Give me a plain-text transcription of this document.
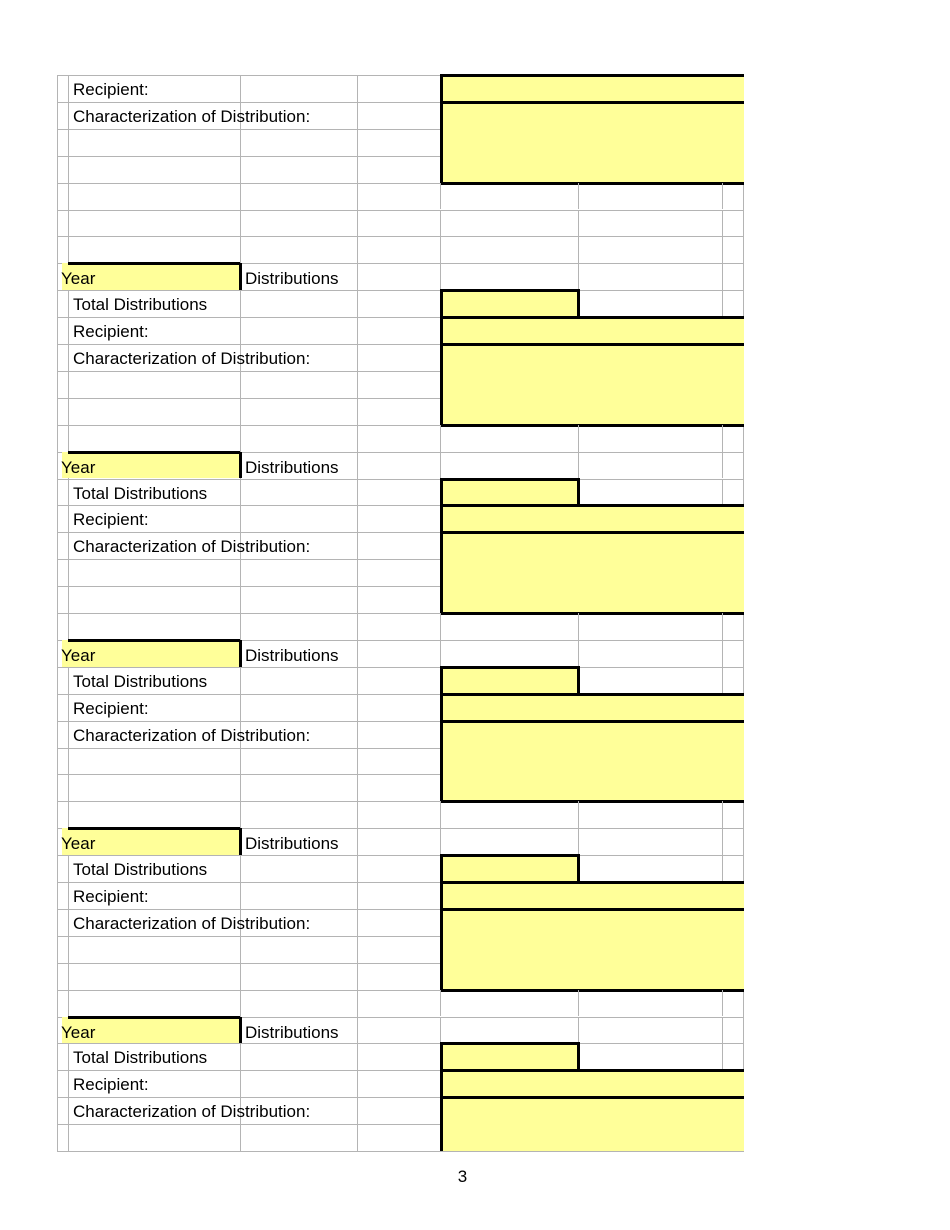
Recipient:
Characterization of Distribution:
Year	Distributions
Total Distributions
Recipient:
Characterization of Distribution:
Year	Distributions
Total Distributions
Recipient:
Characterization of Distribution:
Year	Distributions
Total Distributions
Recipient:
Characterization of Distribution:
Year	Distributions
Total Distributions
Recipient:
Characterization of Distribution:
Year	Distributions
Total Distributions
Recipient:
Characterization of Distribution:
3
